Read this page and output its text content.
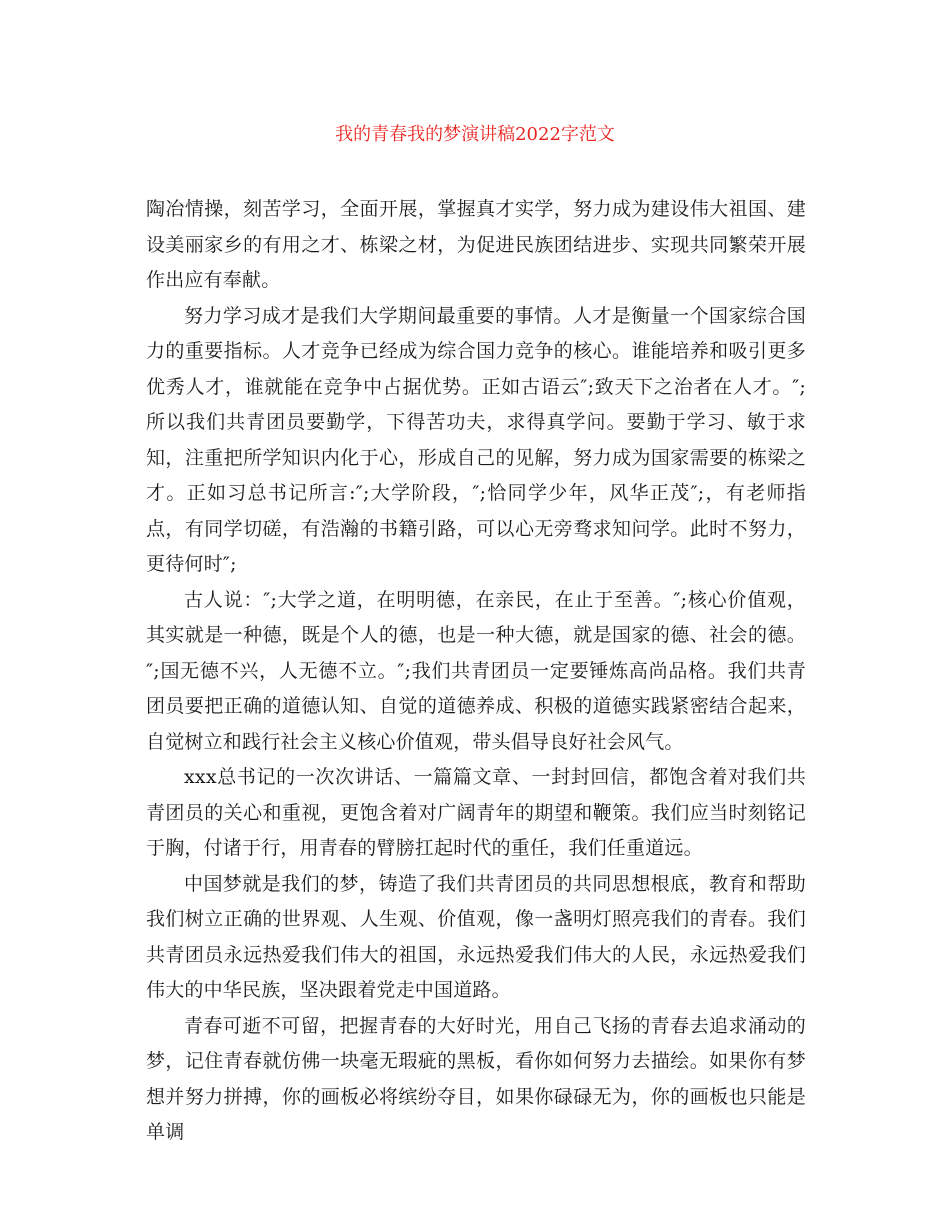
我的青春我的梦演讲稿2022字范文

陶冶情操，刻苦学习，全面开展，掌握真才实学，努力成为建设伟大祖国、建设美丽家乡的有用之才、栋梁之材，为促进民族团结进步、实现共同繁荣开展作出应有奉献。

努力学习成才是我们大学期间最重要的事情。人才是衡量一个国家综合国力的重要指标。人才竞争已经成为综合国力竞争的核心。谁能培养和吸引更多优秀人才，谁就能在竞争中占据优势。正如古语云″;致天下之治者在人才。″;所以我们共青团员要勤学，下得苦功夫，求得真学问。要勤于学习、敏于求知，注重把所学知识内化于心，形成自己的见解，努力成为国家需要的栋梁之才。正如习总书记所言:″;大学阶段，″;恰同学少年，风华正茂″;，有老师指点，有同学切磋，有浩瀚的书籍引路，可以心无旁骛求知问学。此时不努力，更待何时″;

古人说：″;大学之道，在明明德，在亲民，在止于至善。″;核心价值观，其实就是一种德，既是个人的德，也是一种大德，就是国家的德、社会的德。″;国无德不兴，人无德不立。″;我们共青团员一定要锤炼高尚品格。我们共青团员要把正确的道德认知、自觉的道德养成、积极的道德实践紧密结合起来，自觉树立和践行社会主义核心价值观，带头倡导良好社会风气。

xxx总书记的一次次讲话、一篇篇文章、一封封回信，都饱含着对我们共青团员的关心和重视，更饱含着对广阔青年的期望和鞭策。我们应当时刻铭记于胸，付诸于行，用青春的臂膀扛起时代的重任，我们任重道远。

中国梦就是我们的梦，铸造了我们共青团员的共同思想根底，教育和帮助我们树立正确的世界观、人生观、价值观，像一盏明灯照亮我们的青春。我们共青团员永远热爱我们伟大的祖国，永远热爱我们伟大的人民，永远热爱我们伟大的中华民族，坚决跟着党走中国道路。

青春可逝不可留，把握青春的大好时光，用自己飞扬的青春去追求涌动的梦，记住青春就仿佛一块毫无瑕疵的黑板，看你如何努力去描绘。如果你有梦想并努力拼搏，你的画板必将缤纷夺目，如果你碌碌无为，你的画板也只能是单调
